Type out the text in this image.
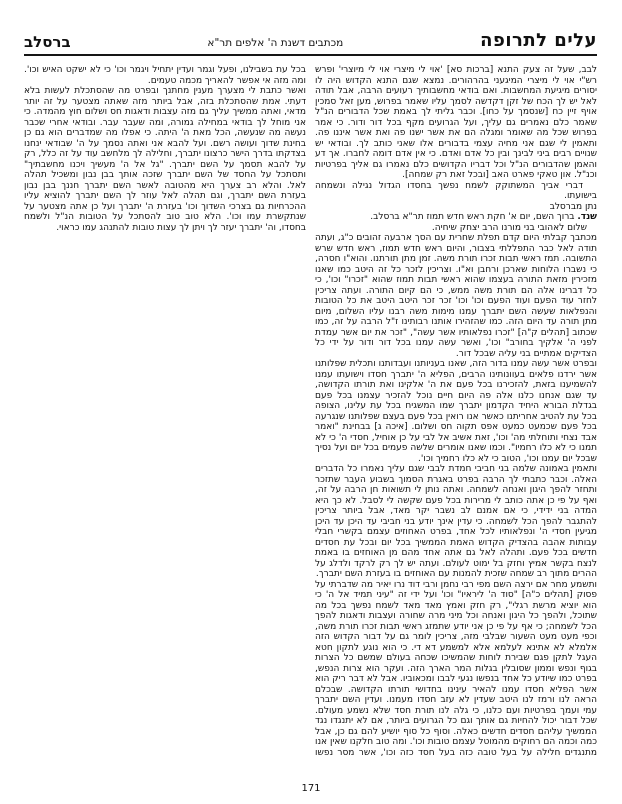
עלים לתרופה
מכתבים דשנת ה' אלפים תר"א
ברסלב

לבב, שעל זה צעק התנא [ברכות סא] 'אוי לי מיצרי אוי לי מיוצרי' ופרש רש"י אוי לי מיצרי המיגעני בהרהורים. נמצא שגם התנא הקדוש היה לו יסורים מיגיעת המחשבות. ואם בודאי מחשבותיך רעועים הרבה, אבל תודה לאל יש לך הכח של זקן דקדשה לסמך עליו שאמר בפרוש, מען זאל סמכין אויף זיין כח [שנסמך על כחו]. וכבר גליתי לך באמת שכל הדבורים הנ"ל שאמר כלם נאמרים גם עליך, ועל הגרועים מקף בכל דור ודור. כי אמר בפרוש שכל מה שאומר ומגלה הם את אשר ישנו פה ואת אשר איננו פה. ותאמין לי שגם אני מחיה עצמי בדבורים אלו שאני כותב לך. ובודאי יש שנויים רבים ביני לבינך ובין כל אדם ואדם. כי אין אדם דומה לחברו. אך דע והאמן שהדבורים הנ"ל וכל דבריו הקדושים כלם נאמרו גם אליך בפרטיות וכנ"ל. און טאקי פארט האב [ובכל זאת רק שמחה].

דברי אביך המשתוקק לשמח נפשך בחסדו הגדול נגילה ונשמחה בישועתו.

נתן מברסלב

שנד. ברוך השם, יום א' חקת ראש חדש תמוז תר"א ברסלב.

שלום לאהובי בני מורנו הרב יצחק שיחיה.

מכתבך קבלתי היום קדם תפלת שחרית עם הסך ארבעה זהובים כ"ג, ועתה תודה לאל כבר התפללתי בצבור, והיום ראש חדש תמוז, ראש חדש שרש התשובה. תמז ראשי תבות זכרו תורת משה. זמן מתן תורתנו. והוא"ו חסרה, כי נשברו הלוחות שארכן ורחבן וא"ו. וצריכין לזכר כל זה היטב כמו שאנו מזכירין מזאת התורה בעצמו שהוא ראשי תבות תמוז שהוא "זכרו" וכו', כי כל דברינו אלה הם תורת משה ממש, כי הם קיום התורה. ועתה צריכין לחזר עוד הפעם ועוד הפעם וכו' וכו' זכר זכר היטב היטב את כל הטובות והנפלאות שעשה השם יתברך עמנו מימות משה רבנו עליו השלום, מיום מתן תורה עד היום הזה. כמו שהזהירו אותנו רבותינו ז"ל הרבה על זה, כמו שכתוב [תהלים ק"ה] "זכרו נפלאותיו אשר עשה", "זכר את יום אשר עמדת לפני ה' אלקיך בחורב" וכו', ואשר עשה עמנו בכל דור ודור על ידי כל הצדיקים אמתיים בני עליה שבכל דור.

ובפרט אשר עשה עמנו בדור הזה, שאנו בעניותנו ועבדותנו ותכלית שפלותנו אשר ירדנו פלאים בעוונותינו הרבים, הפליא ה' יתברך חסדו וישועתו עמנו להשמיענו בזאת, להזכירנו בכל פעם את ה' אלקינו ואת תורתו הקדושה, עד שגם אנחנו כלנו אלה פה היום חיים נוכל להזכיר עצמנו בכל פעם בגדלת הבורא היחיד הקדמון יתברך שמו המשגיח בכל עת עלינו, הצופה בכל עת להטיב אחריתנו כאשר אנו רואין בכל פעם בעצם שפלותנו שנגרעה בכל פעם שכמעט כמעט אפס תקוה חס ושלום. [איכה ג] בבחינת "ואמר אבד נצחי ותוחלתי מה' וכו', זאת אשיב אל לבי על כן אוחיל, חסדי ה' כי לא תמנו כי לא כלו רחמיו". וכמו שאנו אומרים שלשה פעמים בכל יום ועל נסיך שבכל יום עמנו וכו', הטוב כי לא כלו רחמיך וכו'.

ותאמין באמונה שלמה בני חביבי חמדת לבבי שגם עליך נאמרו כל הדברים האלה. וכבר כתבתי לך הרבה בפרט באגרת הסמוך בשבוע העבר שתזכר ותחזר להפך היגון ואנחה לשמחה. ואתה נותן לי תשואות חן הרבה על זה, ואף על פי כן אתה כותב לי מרירות בכל פעם שקשה לי לסבל. לא כך היא המדה בני ידידי, כי אם אמנם לב נשבר יקר מאד, אבל ביותר צריכין להתגבר להפך הכל לשמחה. כי עדין אינך יודע בני חביבי עד היכן עד היכן מגיעין חסדי ה' ונפלאותיו לכל אחד, בפרט האחוזים עצמם בקשרי חבלי עבותות אהבה בהצדיק הקדוש האמת הממשיך בכל יום ובכל עת חסדים חדשים בכל פעם. ותהלה לאל גם אתה אחד מהם מן האוחזים בו באמת לנצח בקשר אמיץ וחזק בל ימוט לעולם. ועתה יש לך רק לרקד ולדלג על ההרים מתוך רב שמחה שזכית להמנות עם האוחזים בו בעזרת השם יתברך.

ותשמע מחר אם ירצה השם מפי רבי נחמן ורבי דוד נרו יאיר מה שדברתי על פסוק [תהלים כ"ה] "סוד ה' ליראיו" וכו' ועל ידי זה "עיני תמיד אל ה' כי הוא יוציא מרשת רגלי", רק חזק ואמץ מאד מאד לשמח נפשך בכל מה שתוכל, ולהפך כל היגון ואנחה וכל מיני מרה שחורה ועצבות ודאגות להפך הכל לשמחה; כי אף על פי כן אני יודע שתמזג ראשי תבות זכרו תורת משה, וכפי מעט מעט השעור שבלבי מזה, צריכין לומר גם על דבור הקדוש הזה אלמלא לא אתינא לעלמא אלא למשמע דא די. כי הוא נוגע לתקון חטא העגל לתקן פגם שבירת לוחות שהמשיכו שכחה בעולם שמשם כל הצרות בגוף ונפש וממון שסובלין בגלות המר הארך הזה. ועקר הוא צרות הנפש, בפרט כמו שיודע כל אחד בנפשו נגעי לבבו ומכאוביו. אבל לא דבר ריק הוא אשר הפליא חסדו עמנו להאיר עינינו בחדושי תורתו הקדושה. שבכלם הראה לנו ורמז לנו היטב שעדין לא עזב חסדו מעמנו. ועדין השם יתברך עמי ועמך בפרטיות ועם כלנו, כי גלה לנו תורת חסד שלא נשמע מעולם. שכל דבור יכול להחיות גם אותך וגם כל הגרועים ביותר, אם לא יתנגדו נגד הממשיך עליהם חסדים חדשים כאלה. וסוף כל סוף יושיע להם גם כן, אבל כמה וכמה הם רחוקים מהמוטל עצמם טובות וכו'. ומה טוב חלקנו שאין אנו מתנגדים חלילה על בעל טובה כזה בעל חסד כזה וכו', אשר מסר נפשו בכל עת בשבילנו, ופעל וגמר ועדין יתחיל ויגמר וכו' כי לא ישקט האיש וכו'. ומה מזה אי אפשר להאריך מכמה טעמים.

ואשר כתבת לי מצערך מענין מחתנך ובפרט מה שהסתכלת לעשות בלא דעתי. אמת שהסתכלת בזה, אבל ביותר מזה שאתה מצטער על זה יותר מדאי, ואתה ממשיך עליך גם מזה עצבות ודאגות חס ושלום חוץ מהמדה. כי אני מוחל לך בודאי במחילה גמורה, ומה שעבר עבר. ובודאי אחרי שכבר נעשה מה שנעשה, הכל מאת ה' היתה. כי אפלו מה שמדברים הוא גם כן בחינת שדוך ועושה רשם. ועל להבא אני ואתה נסמך על ה' שבודאי ינחנו בצדקתו בדרך הישר כרצונו יתברך, וחלילה לך מלחשב עוד על זה כלל, רק על להבא תסמך על השם יתברך. "גל אל ה' מעשיך ויכנו מחשבתיך" ותסתכל על החסד של השם יתברך שזכה אותך בבן נבון ומשכיל תהלה לאל. והלא רב צערך היא מהטובה לאשר השם יתברך חננך בבן נבון בעזרת השם יתברך, וגם תהלה לאל עוזר לך השם יתברך להוציא עליו ההכרחיות גם בצרכי השדוך וכו' בעזרת ה' יתברך ועל כן אתה מצטער על שנתקשרת עמו וכו'. הלא טוב טוב להסתכל על הטובות הנ"ל ולשמח בחסדו, וה' יתברך יעזר לך ויתן לך עצות טובות להתנהג עמו כראוי.

171
